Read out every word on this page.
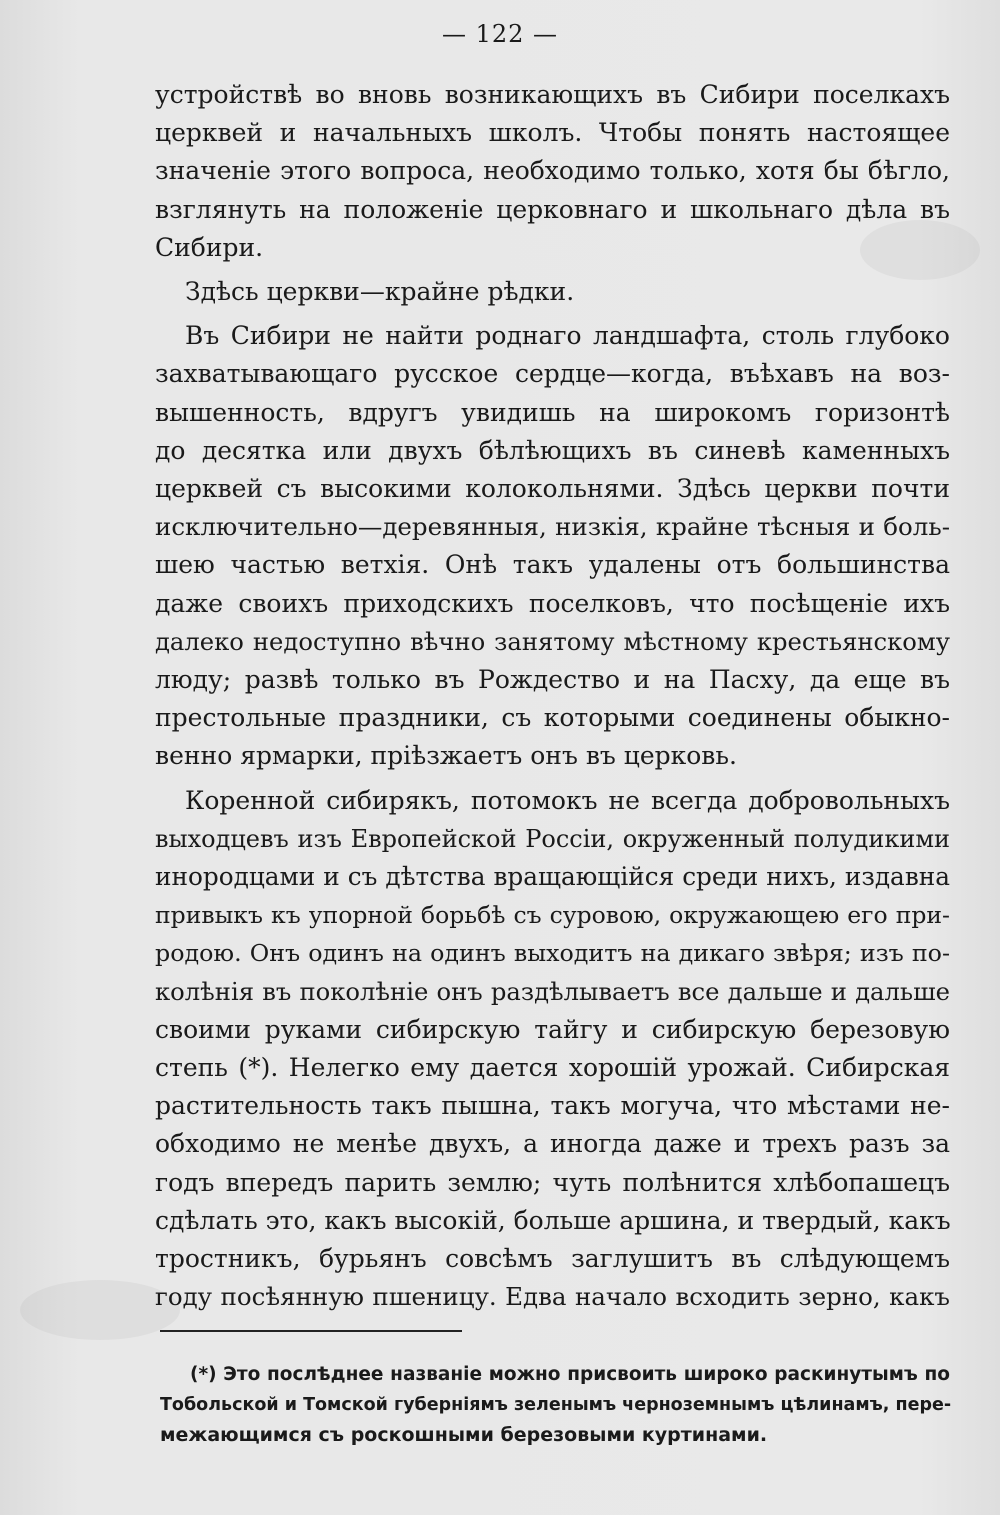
— 122 —

устройствѣ во вновь возникающихъ въ Сибири поселкахъ
церквей и начальныхъ школъ. Чтобы понять настоящее
значенiе этого вопроса, необходимо только, хотя бы бѣгло,
взглянуть на положенiе церковнаго и школьнаго дѣла въ
Сибири.

Здѣсь церкви—крайне рѣдки.

Въ Сибири не найти роднаго ландшафта, столь глубоко
захватывающаго русское сердце—когда, въѣхавъ на воз-
вышенность, вдругъ увидишь на широкомъ горизонтѣ
до десятка или двухъ бѣлѣющихъ въ синевѣ каменныхъ
церквей съ высокими колокольнями. Здѣсь церкви почти
исключительно—деревянныя, низкiя, крайне тѣсныя и боль-
шею частью ветхiя. Онѣ такъ удалены отъ большинства
даже своихъ приходскихъ поселковъ, что посѣщенiе ихъ
далеко недоступно вѣчно занятому мѣстному крестьянскому
люду; развѣ только въ Рождество и на Пасху, да еще въ
престольные праздники, съ которыми соединены обыкно-
венно ярмарки, прiѣзжаетъ онъ въ церковь.

Коренной сибирякъ, потомокъ не всегда добровольныхъ
выходцевъ изъ Европейской Россiи, окруженный полудикими
инородцами и съ дѣтства вращающiйся среди нихъ, издавна
привыкъ къ упорной борьбѣ съ суровою, окружающею его при-
родою. Онъ одинъ на одинъ выходитъ на дикаго звѣря; изъ по-
колѣнiя въ поколѣнiе онъ раздѣлываетъ все дальше и дальше
своими руками сибирскую тайгу и сибирскую березовую
степь (*). Нелегко ему дается хорошiй урожай. Сибирская
растительность такъ пышна, такъ могуча, что мѣстами не-
обходимо не менѣе двухъ, а иногда даже и трехъ разъ за
годъ впередъ парить землю; чуть полѣнится хлѣбопашецъ
сдѣлать это, какъ высокiй, больше аршина, и твердый, какъ
тростникъ, бурьянъ совсѣмъ заглушитъ въ слѣдующемъ
году посѣянную пшеницу. Едва начало всходить зерно, какъ

(*) Это послѣднее названiе можно присвоить широко раскинутымъ по
Тобольской и Томской губернiямъ зеленымъ черноземнымъ цѣлинамъ, пере-
межающимся съ роскошными березовыми куртинами.
